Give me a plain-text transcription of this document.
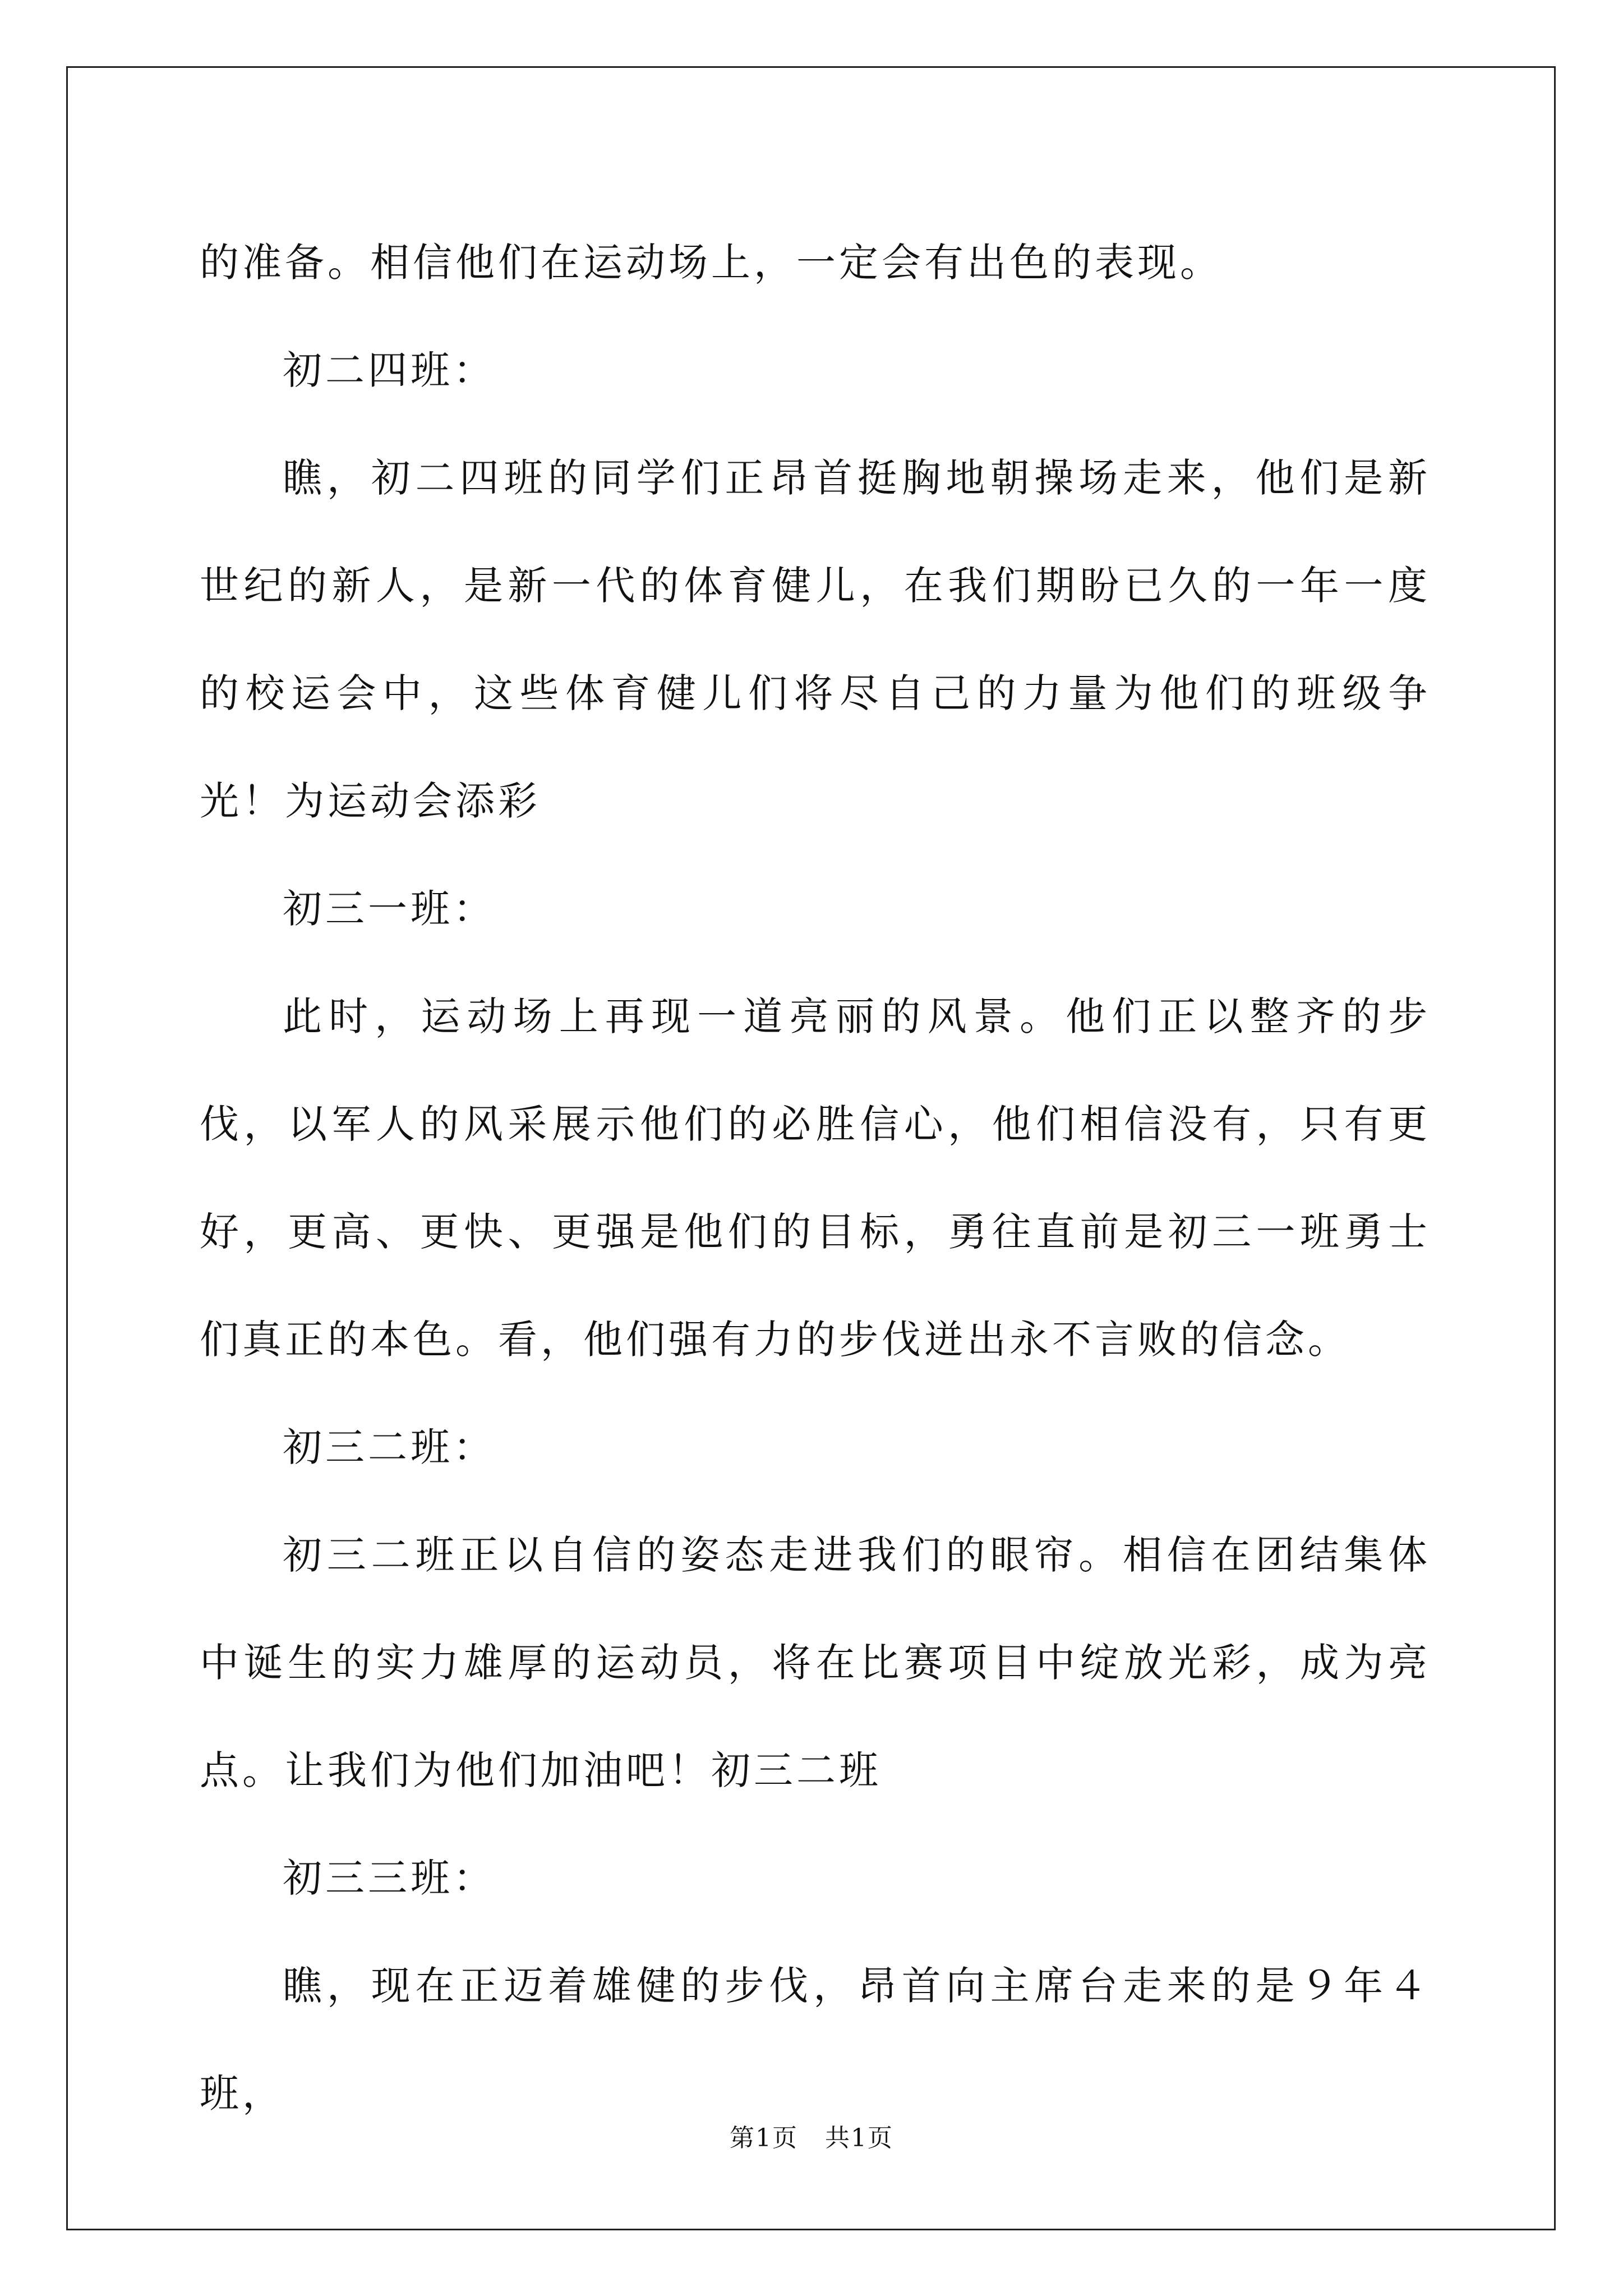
的准备。相信他们在运动场上，一定会有出色的表现。

初二四班：

瞧，初二四班的同学们正昂首挺胸地朝操场走来，他们是新世纪的新人，是新一代的体育健儿，在我们期盼已久的一年一度的校运会中，这些体育健儿们将尽自己的力量为他们的班级争光！为运动会添彩

初三一班：

此时，运动场上再现一道亮丽的风景。他们正以整齐的步伐，以军人的风采展示他们的必胜信心，他们相信没有，只有更好，更高、更快、更强是他们的目标，勇往直前是初三一班勇士们真正的本色。看，他们强有力的步伐迸出永不言败的信念。

初三二班：

初三二班正以自信的姿态走进我们的眼帘。相信在团结集体中诞生的实力雄厚的运动员，将在比赛项目中绽放光彩，成为亮点。让我们为他们加油吧！初三二班

初三三班：

瞧，现在正迈着雄健的步伐，昂首向主席台走来的是９年４班，

第1页 共1页
